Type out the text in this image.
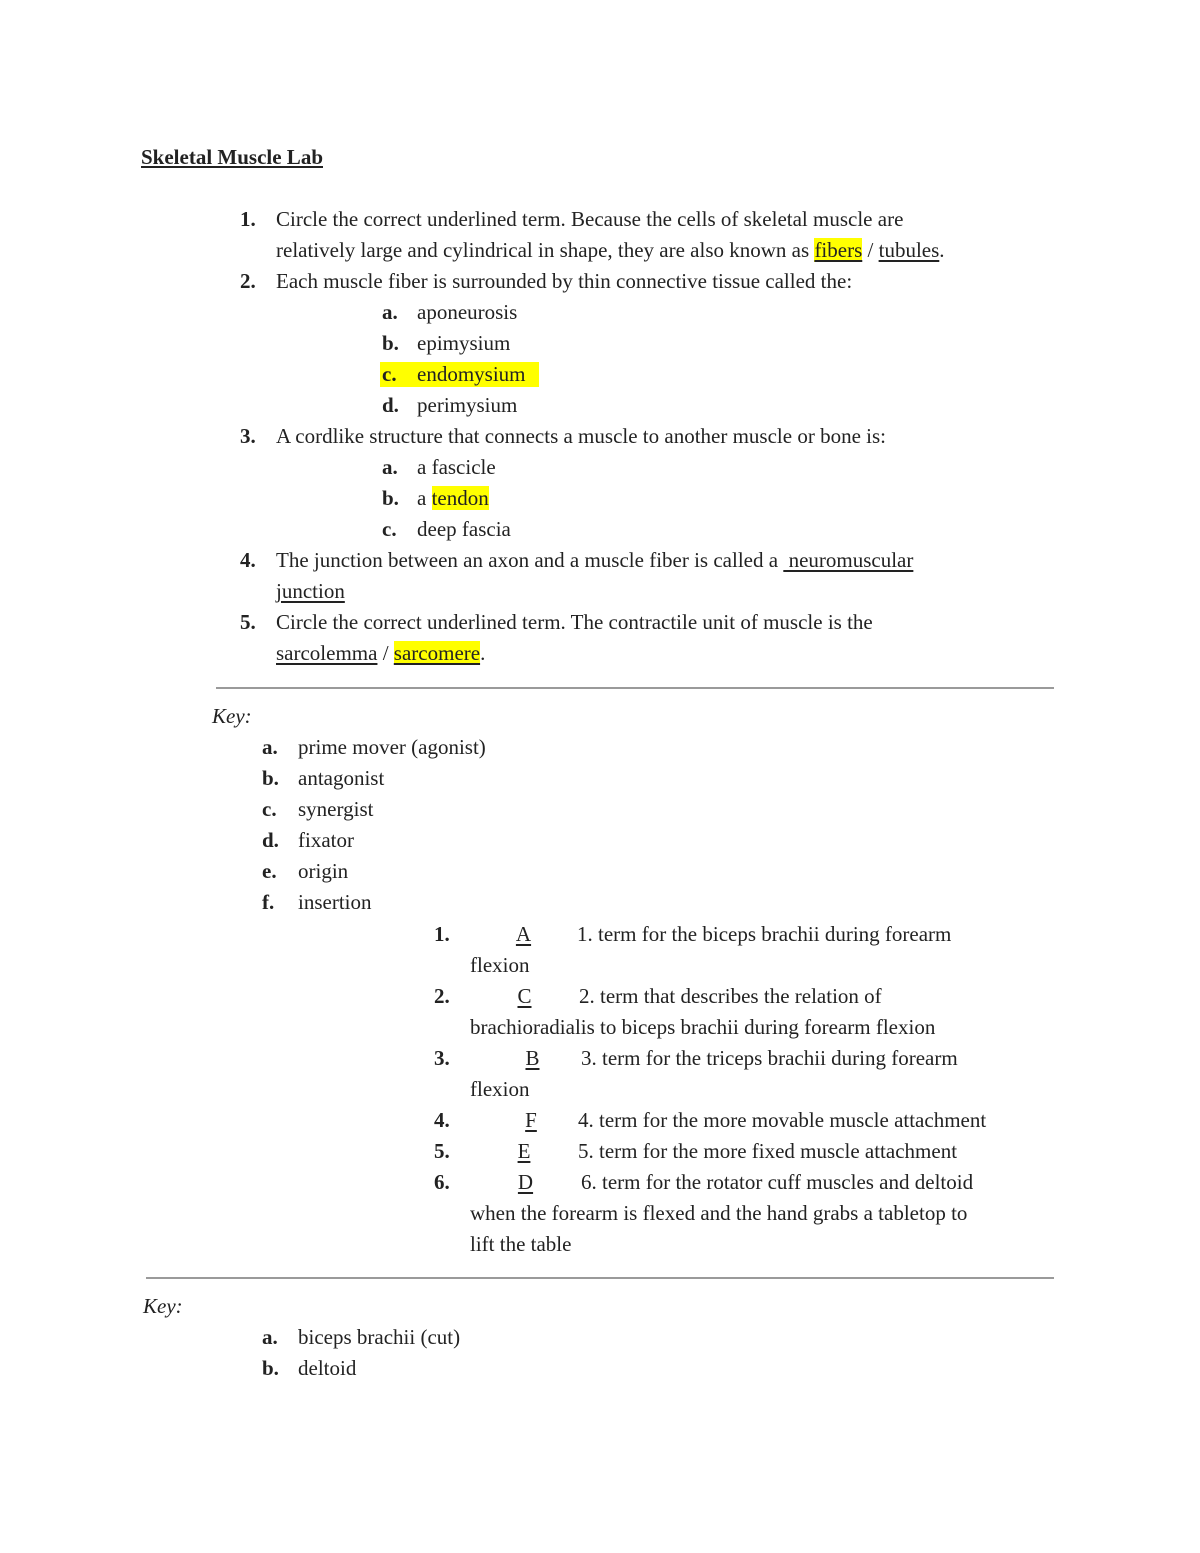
Skeletal Muscle Lab
1. Circle the correct underlined term. Because the cells of skeletal muscle are
relatively large and cylindrical in shape, they are also known as fibers / tubules.
2. Each muscle fiber is surrounded by thin connective tissue called the:
a. aponeurosis
b. epimysium
c. endomysium
d. perimysium
3. A cordlike structure that connects a muscle to another muscle or bone is:
a. a fascicle
b. a tendon
c. deep fascia
4. The junction between an axon and a muscle fiber is called a  neuromuscular
junction
5. Circle the correct underlined term. The contractile unit of muscle is the
sarcolemma / sarcomere.
Key:
a. prime mover (agonist)
b. antagonist
c. synergist
d. fixator
e. origin
f. insertion
1.	A 1. term for the biceps brachii during forearm
flexion
2.	C 2. term that describes the relation of
brachioradialis to biceps brachii during forearm flexion
3.	B 3. term for the triceps brachii during forearm
flexion
4.	F 4. term for the more movable muscle attachment
5.	E 5. term for the more fixed muscle attachment
6.	D 6. term for the rotator cuff muscles and deltoid
when the forearm is flexed and the hand grabs a tabletop to
lift the table
Key:
a. biceps brachii (cut)
b. deltoid
